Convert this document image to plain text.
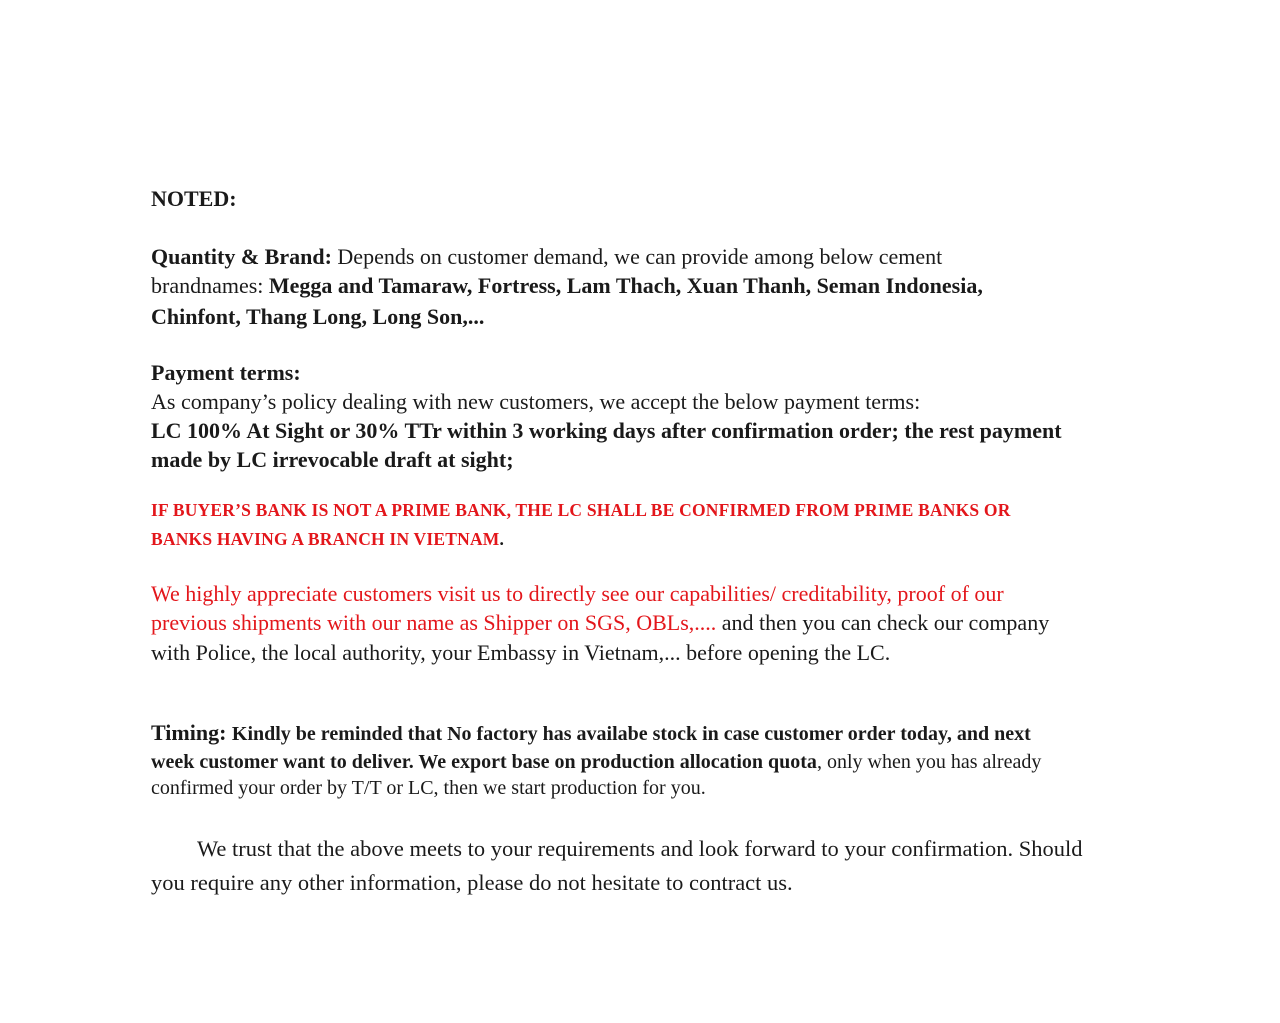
NOTED:
Quantity & Brand: Depends on customer demand, we can provide among below cement
brandnames: Megga and Tamaraw, Fortress, Lam Thach, Xuan Thanh, Seman Indonesia,
Chinfont, Thang Long, Long Son,...
Payment terms:
As company’s policy dealing with new customers, we accept the below payment terms:
LC 100% At Sight or 30% TTr within 3 working days after confirmation order; the rest payment
made by LC irrevocable draft at sight;
IF BUYER’S BANK IS NOT A PRIME BANK, THE LC SHALL BE CONFIRMED FROM PRIME BANKS OR
BANKS HAVING A BRANCH IN VIETNAM.
We highly appreciate customers visit us to directly see our capabilities/ creditability, proof of our
previous shipments with our name as Shipper on SGS, OBLs,.... and then you can check our company
with Police, the local authority, your Embassy in Vietnam,... before opening the LC.
Timing: Kindly be reminded that No factory has availabe stock in case customer order today, and next
week customer want to deliver. We export base on production allocation quota, only when you has already
confirmed your order by T/T or LC, then we start production for you.
We trust that the above meets to your requirements and look forward to your confirmation. Should
you require any other information, please do not hesitate to contract us.
